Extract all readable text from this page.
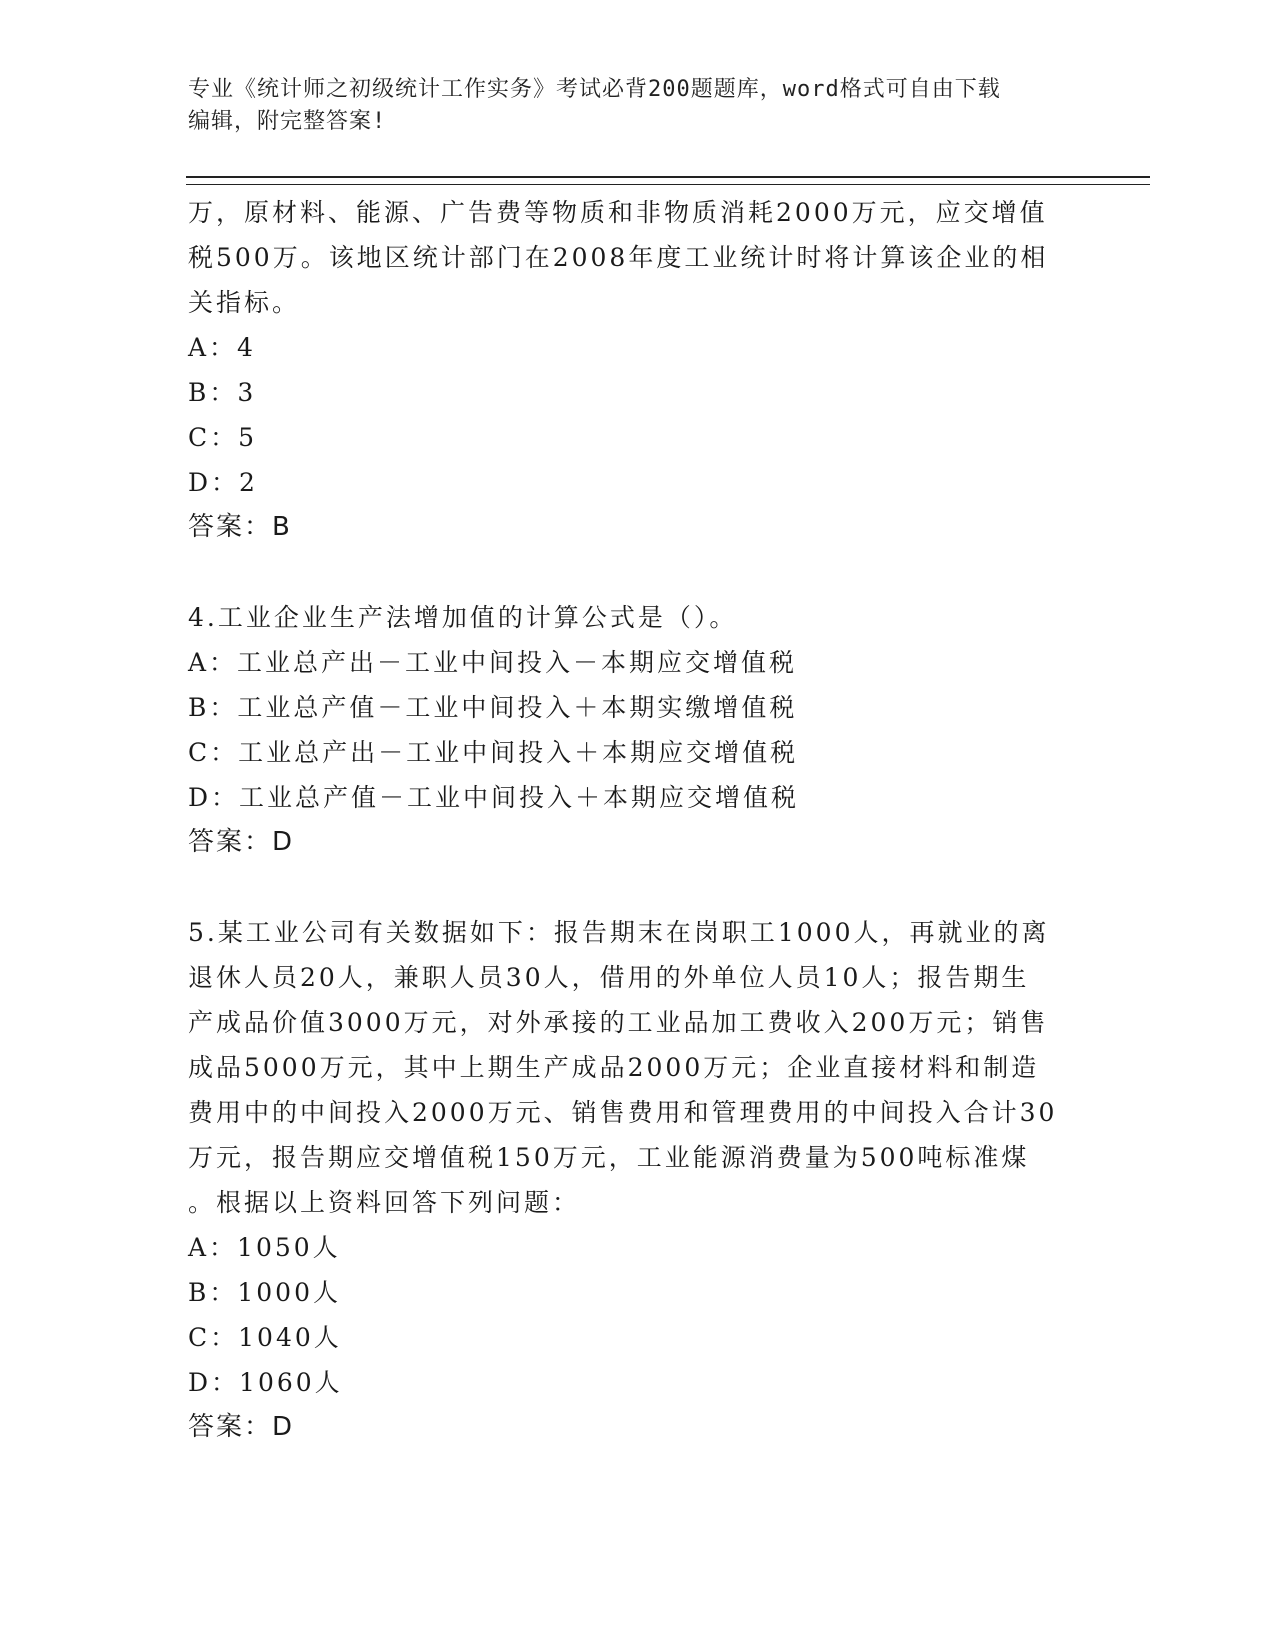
专业《统计师之初级统计工作实务》考试必背200题题库，word格式可自由下载
编辑，附完整答案!

万，原材料、能源、广告费等物质和非物质消耗2000万元，应交增值

税500万。该地区统计部门在2008年度工业统计时将计算该企业的相

关指标。

A：4

B：3

C：5

D：2

答案：B

4.工业企业生产法增加值的计算公式是（）。

A：工业总产出－工业中间投入－本期应交增值税

B：工业总产值－工业中间投入＋本期实缴增值税

C：工业总产出－工业中间投入＋本期应交增值税

D：工业总产值－工业中间投入＋本期应交增值税

答案：D

5.某工业公司有关数据如下：报告期末在岗职工1000人，再就业的离

退休人员20人，兼职人员30人，借用的外单位人员10人；报告期生

产成品价值3000万元，对外承接的工业品加工费收入200万元；销售

成品5000万元，其中上期生产成品2000万元；企业直接材料和制造

费用中的中间投入2000万元、销售费用和管理费用的中间投入合计30

万元，报告期应交增值税150万元，工业能源消费量为500吨标准煤

。根据以上资料回答下列问题：

A：1050人

B：1000人

C：1040人

D：1060人

答案：D
